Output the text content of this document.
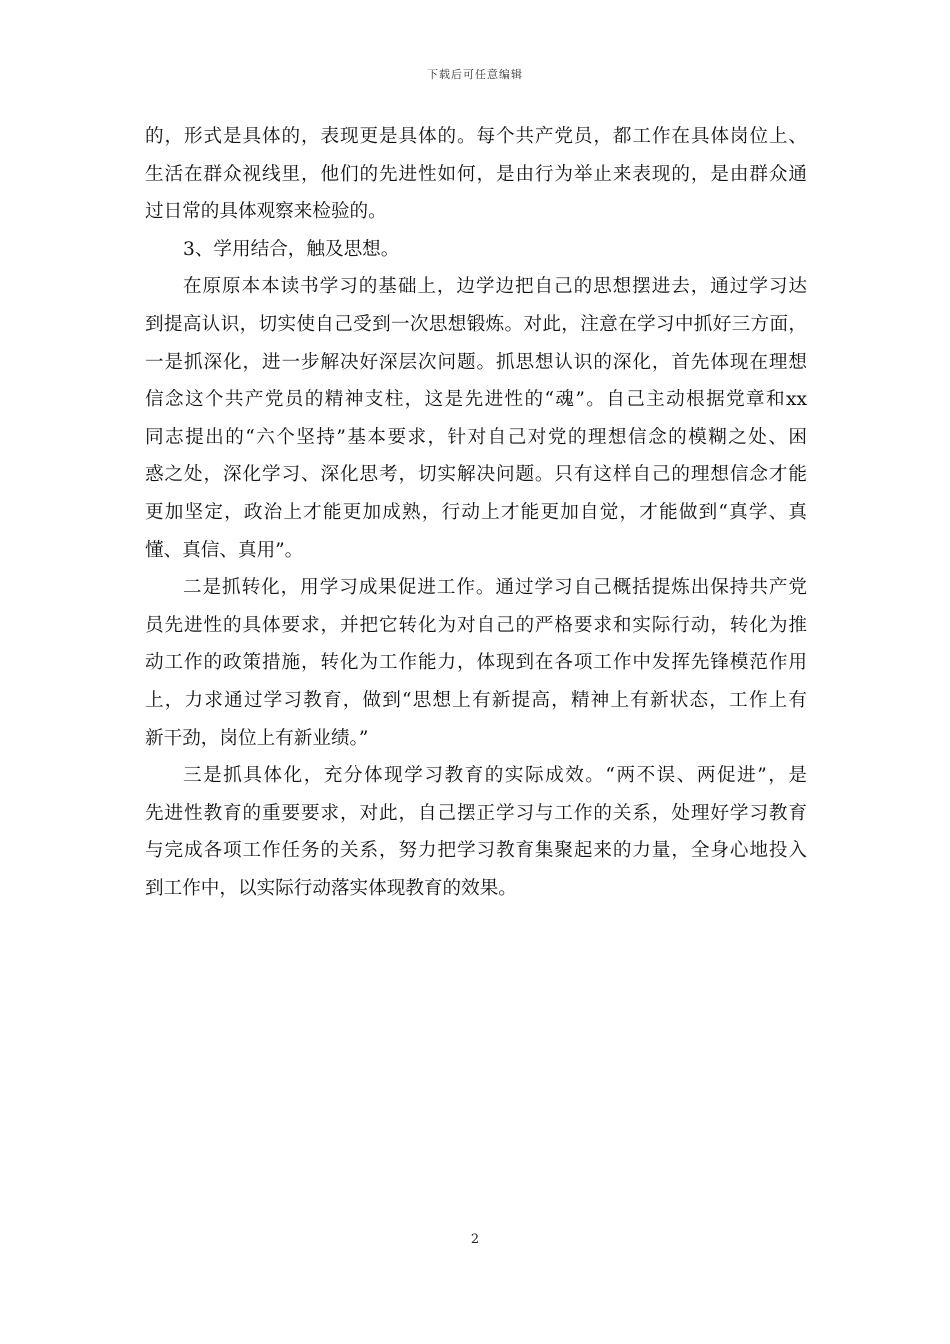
下载后可任意编辑
的，形式是具体的，表现更是具体的。每个共产党员，都工作在具体岗位上、
生活在群众视线里，他们的先进性如何，是由行为举止来表现的，是由群众通
过日常的具体观察来检验的。
3、学用结合，触及思想。
在原原本本读书学习的基础上，边学边把自己的思想摆进去，通过学习达
到提高认识，切实使自己受到一次思想锻炼。对此，注意在学习中抓好三方面，
一是抓深化，进一步解决好深层次问题。抓思想认识的深化，首先体现在理想
信念这个共产党员的精神支柱，这是先进性的“魂”。自己主动根据党章和xx
同志提出的“六个坚持”基本要求，针对自己对党的理想信念的模糊之处、困
惑之处，深化学习、深化思考，切实解决问题。只有这样自己的理想信念才能
更加坚定，政治上才能更加成熟，行动上才能更加自觉，才能做到“真学、真
懂、真信、真用”。
二是抓转化，用学习成果促进工作。通过学习自己概括提炼出保持共产党
员先进性的具体要求，并把它转化为对自己的严格要求和实际行动，转化为推
动工作的政策措施，转化为工作能力，体现到在各项工作中发挥先锋模范作用
上，力求通过学习教育，做到“思想上有新提高，精神上有新状态，工作上有
新干劲，岗位上有新业绩。”
三是抓具体化，充分体现学习教育的实际成效。“两不误、两促进”，是
先进性教育的重要要求，对此，自己摆正学习与工作的关系，处理好学习教育
与完成各项工作任务的关系，努力把学习教育集聚起来的力量，全身心地投入
到工作中，以实际行动落实体现教育的效果。
2
